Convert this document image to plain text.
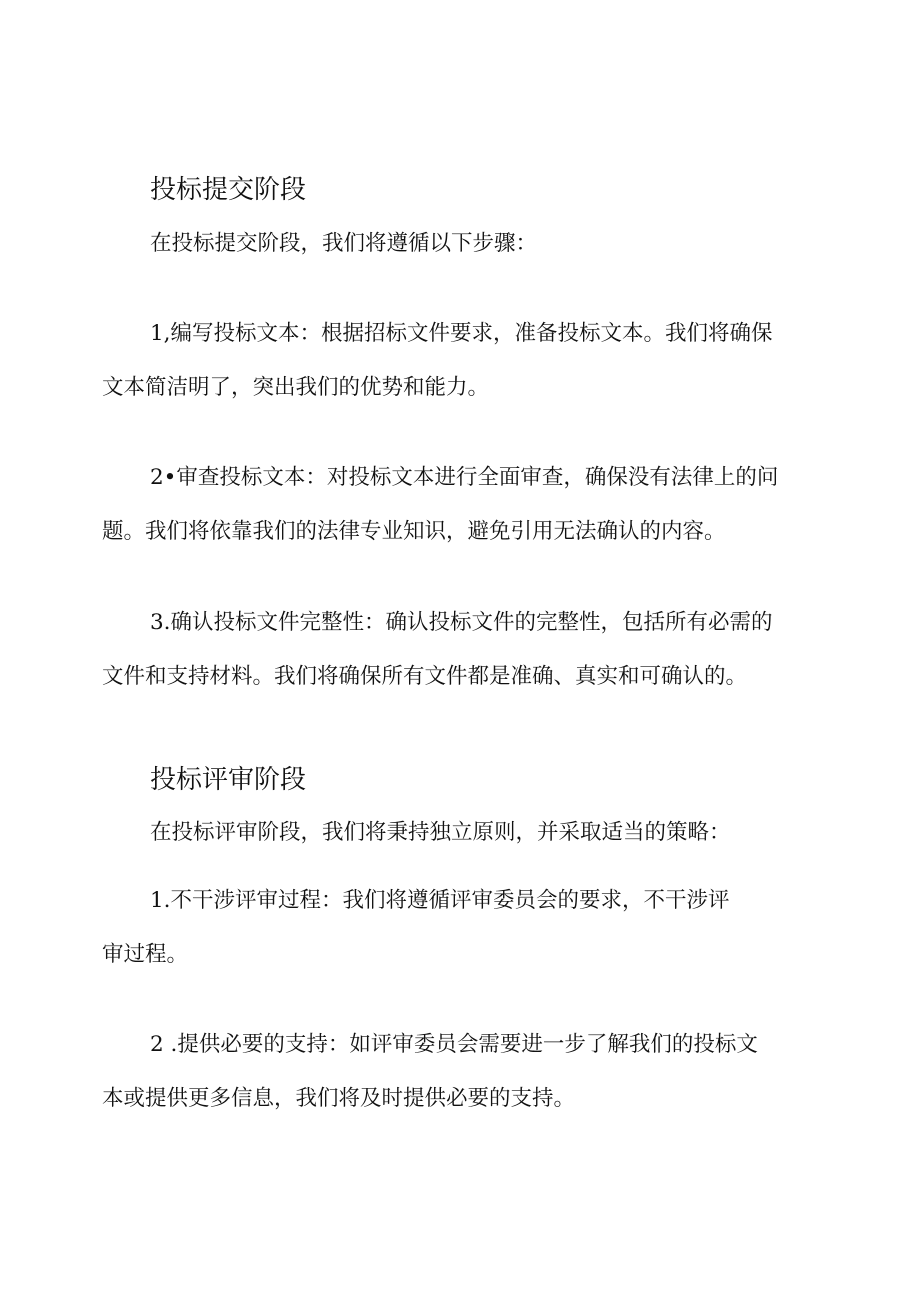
投标提交阶段

在投标提交阶段，我们将遵循以下步骤：

1,编写投标文本：根据招标文件要求，准备投标文本。我们将确保
文本简洁明了，突出我们的优势和能力。

2•审查投标文本：对投标文本进行全面审查，确保没有法律上的问
题。我们将依靠我们的法律专业知识，避免引用无法确认的内容。

3.确认投标文件完整性：确认投标文件的完整性，包括所有必需的
文件和支持材料。我们将确保所有文件都是准确、真实和可确认的。

投标评审阶段

在投标评审阶段，我们将秉持独立原则，并采取适当的策略：

1.不干涉评审过程：我们将遵循评审委员会的要求，不干涉评
审过程。

2 .提供必要的支持：如评审委员会需要进一步了解我们的投标文
本或提供更多信息，我们将及时提供必要的支持。
